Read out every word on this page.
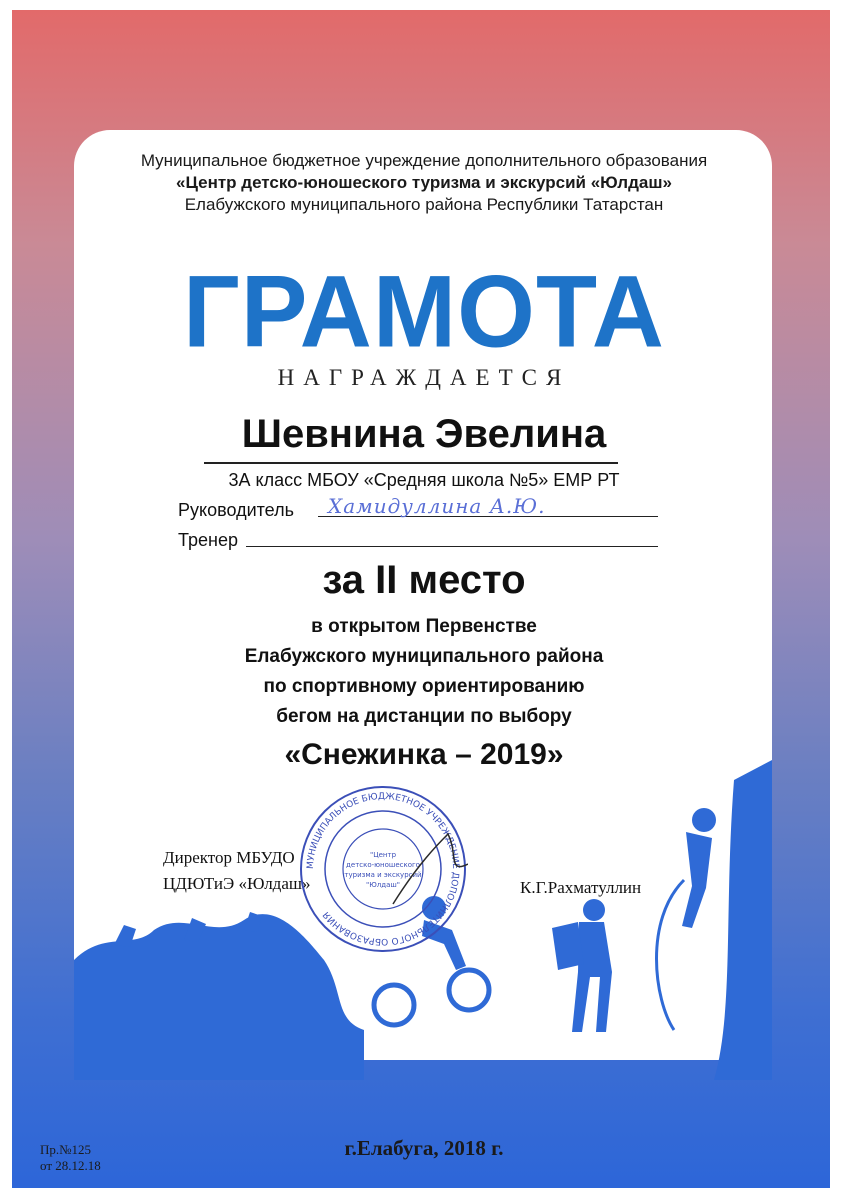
Муниципальное бюджетное учреждение дополнительного образования
«Центр детско-юношеского туризма и экскурсий «Юлдаш»
Елабужского муниципального района Республики Татарстан
ГРАМОТА
НАГРАЖДАЕТСЯ
Шевнина Эвелина
3А класс МБОУ «Средняя школа №5» ЕМР РТ
Руководитель Хамидуллина А.Ю.
Тренер
за II место
в открытом Первенстве
Елабужского муниципального района
по спортивному ориентированию
бегом на дистанции по выбору
«Снежинка – 2019»
Директор МБУДО
ЦДЮТиЭ «Юлдаш»	К.Г.Рахматуллин
МУНИЦИПАЛЬНОЕ БЮДЖЕТНОЕ УЧРЕЖДЕНИЕ ДОПОЛНИТЕЛЬНОГО ОБРАЗОВАНИЯ
"Центр
детско-юношеского
туризма и экскурсий
"Юлдаш"
Пр.№125
от 28.12.18
г.Елабуга, 2018 г.
